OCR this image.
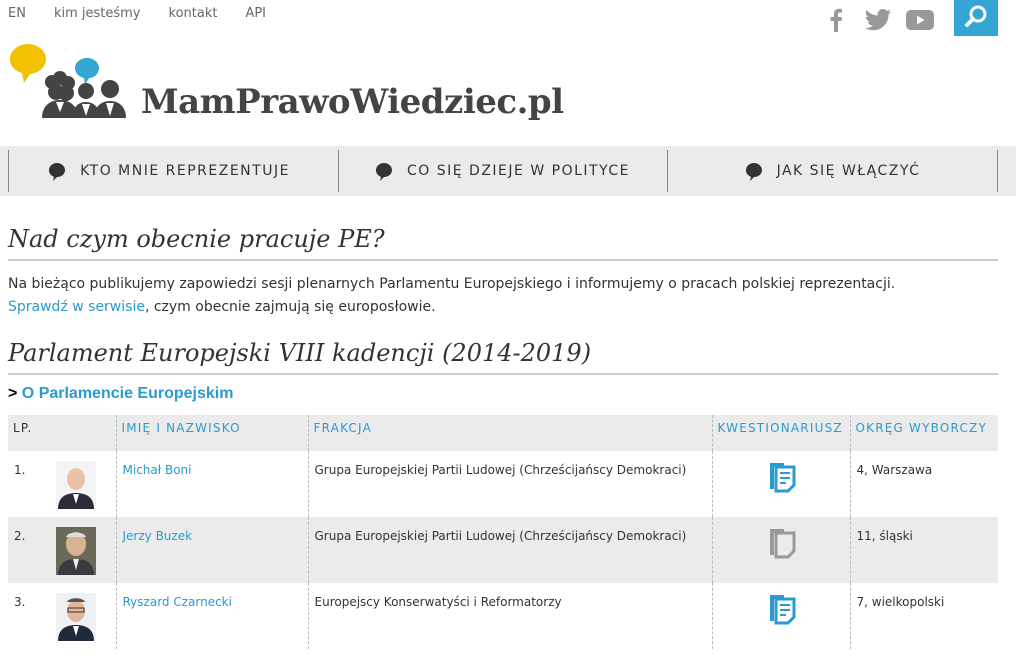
EN kim jesteśmy kontakt API
MamPrawoWiedziec.pl
KTO MNIE REPREZENTUJE	CO SIĘ DZIEJE W POLITYCE	JAK SIĘ WŁĄCZYĆ
Nad czym obecnie pracuje PE?

Na bieżąco publikujemy zapowiedzi sesji plenarnych Parlamentu Europejskiego i informujemy o pracach polskiej reprezentacji.
Sprawdź w serwisie, czym obecnie zajmują się europosłowie.

Parlament Europejski VIII kadencji (2014-2019)
> O Parlamencie Europejskim
LP.		IMIĘ I NAZWISKO	FRAKCJA	KWESTIONARIUSZ	OKRĘG WYBORCZY
1.		Michał Boni	Grupa Europejskiej Partii Ludowej (Chrześcijańscy Demokraci)		4, Warszawa
2.		Jerzy Buzek	Grupa Europejskiej Partii Ludowej (Chrześcijańscy Demokraci)		11, śląski
3.		Ryszard Czarnecki	Europejscy Konserwatyści i Reformatorzy		7, wielkopolski
